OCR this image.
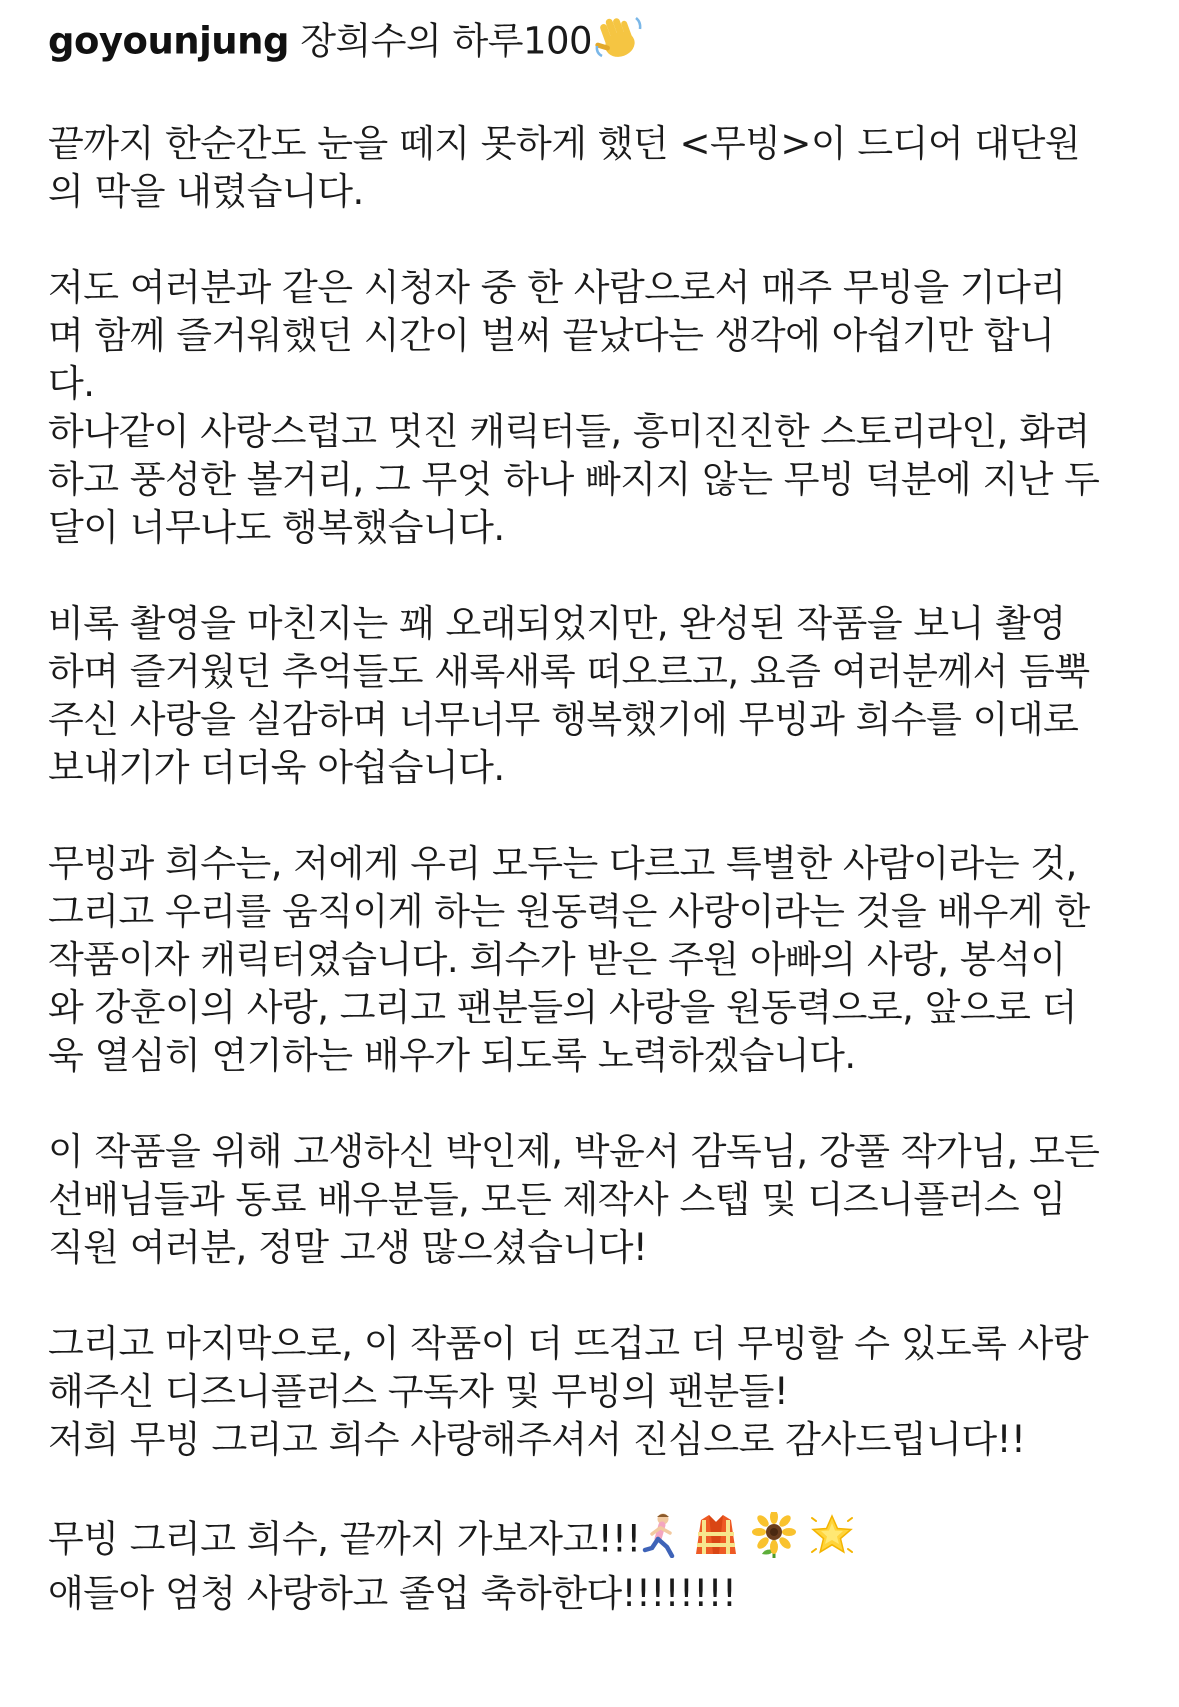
goyounjung 장희수의 하루100
끝까지 한순간도 눈을 떼지 못하게 했던 <무빙>이 드디어 대단원
의 막을 내렸습니다.
저도 여러분과 같은 시청자 중 한 사람으로서 매주 무빙을 기다리
며 함께 즐거워했던 시간이 벌써 끝났다는 생각에 아쉽기만 합니
다.
하나같이 사랑스럽고 멋진 캐릭터들, 흥미진진한 스토리라인, 화려
하고 풍성한 볼거리, 그 무엇 하나 빠지지 않는 무빙 덕분에 지난 두
달이 너무나도 행복했습니다.
비록 촬영을 마친지는 꽤 오래되었지만, 완성된 작품을 보니 촬영
하며 즐거웠던 추억들도 새록새록 떠오르고, 요즘 여러분께서 듬뿍
주신 사랑을 실감하며 너무너무 행복했기에 무빙과 희수를 이대로
보내기가 더더욱 아쉽습니다.
무빙과 희수는, 저에게 우리 모두는 다르고 특별한 사람이라는 것,
그리고 우리를 움직이게 하는 원동력은 사랑이라는 것을 배우게 한
작품이자 캐릭터였습니다. 희수가 받은 주원 아빠의 사랑, 봉석이
와 강훈이의 사랑, 그리고 팬분들의 사랑을 원동력으로, 앞으로 더
욱 열심히 연기하는 배우가 되도록 노력하겠습니다.
이 작품을 위해 고생하신 박인제, 박윤서 감독님, 강풀 작가님, 모든
선배님들과 동료 배우분들, 모든 제작사 스텝 및 디즈니플러스 임
직원 여러분, 정말 고생 많으셨습니다!
그리고 마지막으로, 이 작품이 더 뜨겁고 더 무빙할 수 있도록 사랑
해주신 디즈니플러스 구독자 및 무빙의 팬분들!
저희 무빙 그리고 희수 사랑해주셔서 진심으로 감사드립니다!!
무빙 그리고 희수, 끝까지 가보자고!!!
얘들아 엄청 사랑하고 졸업 축하한다!!!!!!!!
